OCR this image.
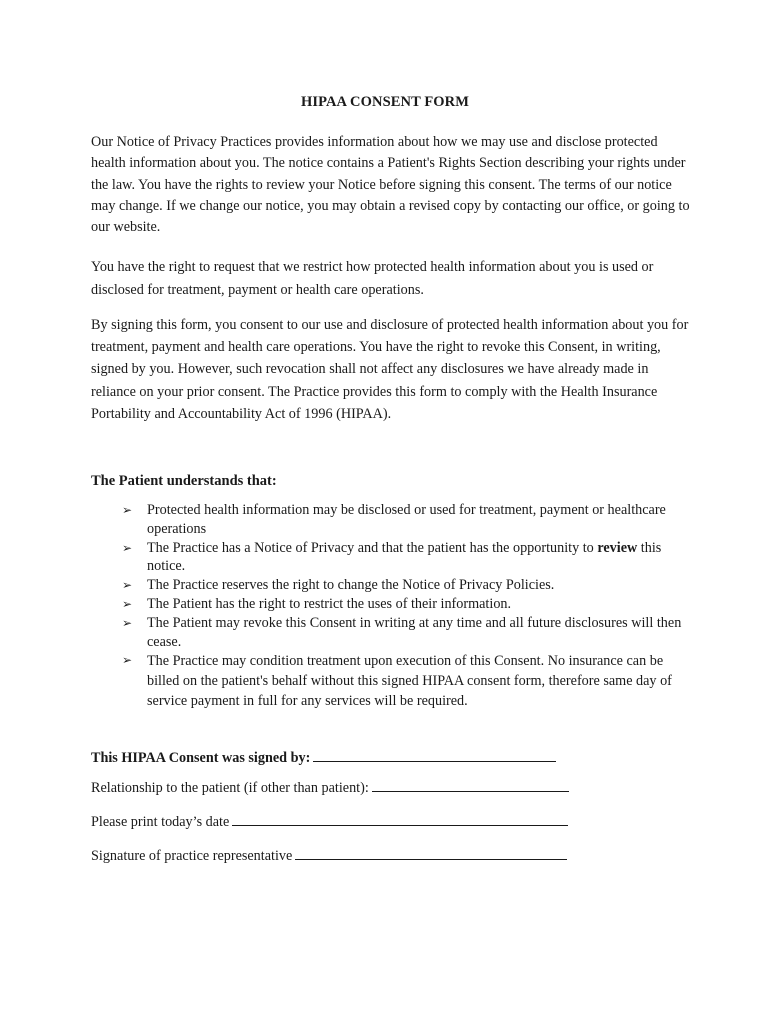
HIPAA CONSENT FORM

Our Notice of Privacy Practices provides information about how we may use and disclose protected health information about you. The notice contains a Patient's Rights Section describing your rights under the law. You have the rights to review your Notice before signing this consent. The terms of our notice may change. If we change our notice, you may obtain a revised copy by contacting our office, or going to our website.

You have the right to request that we restrict how protected health information about you is used or disclosed for treatment, payment or health care operations.

By signing this form, you consent to our use and disclosure of protected health information about you for treatment, payment and health care operations. You have the right to revoke this Consent, in writing, signed by you. However, such revocation shall not affect any disclosures we have already made in reliance on your prior consent. The Practice provides this form to comply with the Health Insurance Portability and Accountability Act of 1996 (HIPAA).

The Patient understands that:
➢ Protected health information may be disclosed or used for treatment, payment or healthcare operations
➢ The Practice has a Notice of Privacy and that the patient has the opportunity to review this notice.
➢ The Practice reserves the right to change the Notice of Privacy Policies.
➢ The Patient has the right to restrict the uses of their information.
➢ The Patient may revoke this Consent in writing at any time and all future disclosures will then cease.
➢ The Practice may condition treatment upon execution of this Consent. No insurance can be billed on the patient's behalf without this signed HIPAA consent form, therefore same day of service payment in full for any services will be required.
This HIPAA Consent was signed by:
Relationship to the patient (if other than patient):
Please print today’s date
Signature of practice representative
